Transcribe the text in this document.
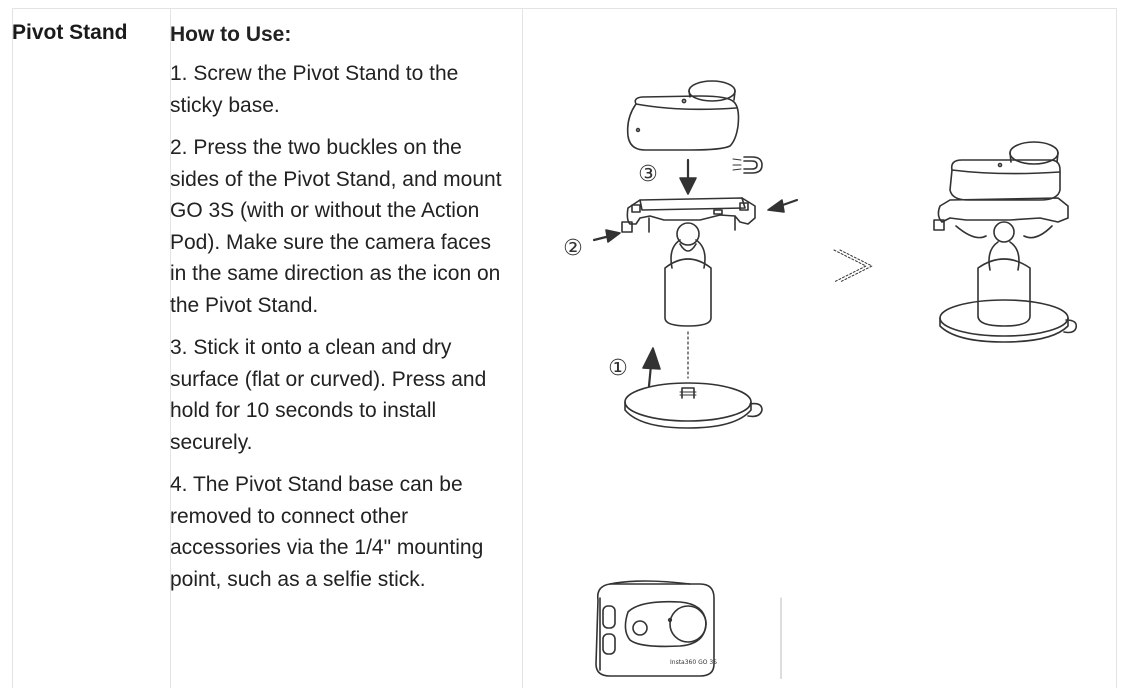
Pivot Stand How to Use:

1. Screw the Pivot Stand to the sticky base.

2. Press the two buckles on the sides of the Pivot Stand, and mount GO 3S (with or without the Action Pod). Make sure the camera faces in the same direction as the icon on the Pivot Stand.

3. Stick it onto a clean and dry surface (flat or curved). Press and hold for 10 seconds to install securely.

4. The Pivot Stand base can be removed to connect other accessories via the 1/4" mounting point, such as a selfie stick.

③
②
①
Insta360 GO 3S
